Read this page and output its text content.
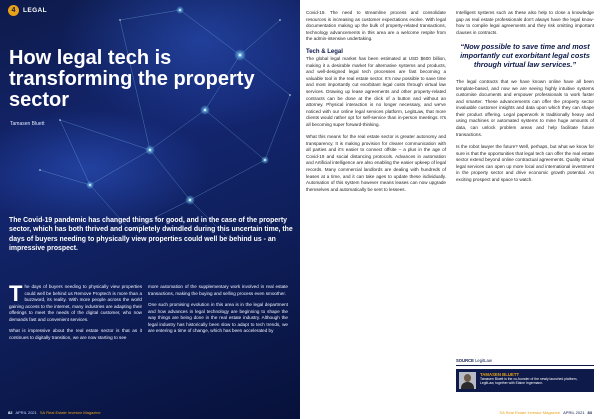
4	LEGAL
How legal tech is transforming the property sector
Tamasen Bluett

The Covid-19 pandemic has changed things for good, and in the case of the property sector, which has both thrived and completely dwindled during this uncertain time, the days of buyers needing to physically view properties could well be behind us - an impressive prospect.

The days of buyers needing to physically view properties could well be behind us Remove Proptech is more than a buzzword, its reality. With more people across the world gaining access to the internet, many industries are adapting their offerings to meet the needs of the digital customer, who now demands fast and convenient services.

What is impressive about the real estate sector is that as it continues to digitally transition, we are now starting to see

more automation of the supplementary work involved in real estate transactions, making the buying and selling process even smoother.

One such promising evolution in this area is in the legal department and how advances in legal technology are beginning to shape the way things are being done in the real estate industry. Although the legal industry has historically been slow to adapt to tech trends, we are entering a time of change, which has been accelerated by

82 APRIL 2021 SA Real Estate Investor Magazine

Covid-19. The need to streamline process and consolidate resources is increasing as customer expectations evolve. With legal documentation making up the bulk of property-related transactions, technology advancements in this area are a welcome respite from the admin-intensive undertaking.

Tech & Legal

The global legal market has been estimated at USD $600 billion, making it a desirable market for alternative systems and products, and well-designed legal tech processes are fast becoming a valuable tool in the real estate sector. It's now possible to save time and most importantly cut exorbitant legal costs through virtual law services. Drawing up lease agreements and other property-related contracts can be done at the click of a button and without an attorney. Physical interaction is no longer necessary, and we've noticed with our online legal services platform, LegitLaw, that more clients would rather opt for self-service than in-person meetings. It's all becoming super forward-thinking.

What this means for the real estate sector is greater autonomy and transparency. It is making provision for clearer communication with all parties and it's easier to connect offsite – a plus in the age of Covid-19 and social distancing protocols. Advances in automation and Artificial intelligence are also enabling the easier upkeep of legal records. Many commercial landlords are dealing with hundreds of leases at a time, and it can take ages to update these individually. Automation of this system however means leases can now upgrade themselves and automatically be sent to lessees.

Intelligent systems such as these also help to close a knowledge gap as real estate professionals don't always have the legal know-how to compile legal agreements and they risk omitting important clauses in contracts.

“Now possible to save time and most importantly cut exorbitant legal costs through virtual law services.”

The legal contracts that we have known online have all been template-based, and now we are seeing highly intuitive systems customise documents and empower professionals to work faster and smarter. These advancements can offer the property sector invaluable customer insights and data upon which they can shape their product offering. Legal paperwork is traditionally heavy and using machines or automated systems to mine huge amounts of data, can unlock problem areas and help facilitate future transactions.

Is the robot lawyer the future? Well, perhaps, but what we know for sure is that the opportunities that legal tech can offer the real estate sector extend beyond online contractual agreements. Quality virtual legal services can open up more local and international investment in the property sector and drive economic growth potential. An exciting prospect and space to watch.

SOURCE LegitLaw
TAMASEN BLUETT
Tamasen Bluett is the co-founder of the newly launched platform, LegitLaw, together with Elaine Ingermann.
SA Real Estate Investor Magazine APRIL 2021 83
